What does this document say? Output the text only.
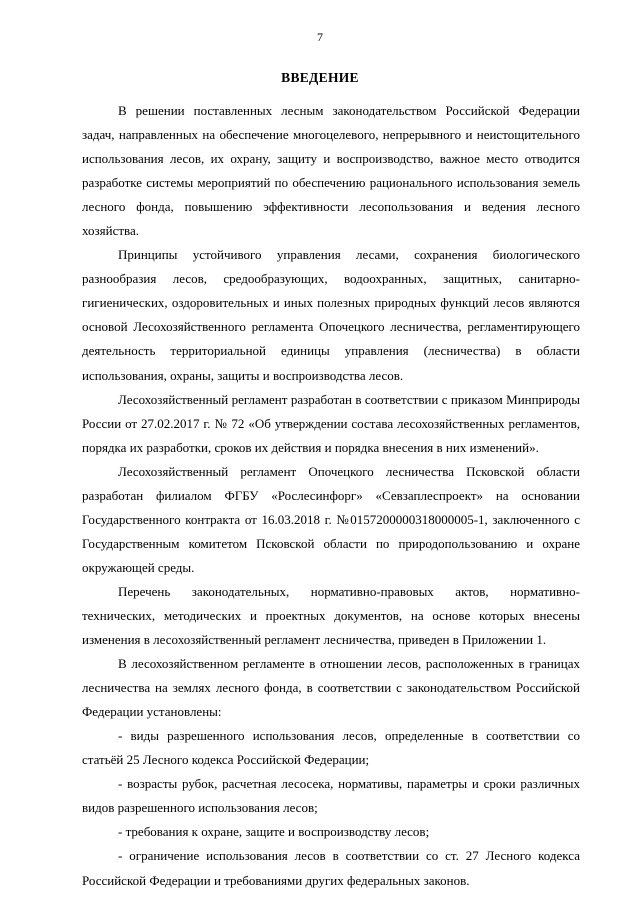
7
ВВЕДЕНИЕ

В решении поставленных лесным законодательством Российской Федерации задач, направленных на обеспечение многоцелевого, непрерывного и неистощительного использования лесов, их охрану, защиту и воспроизводство, важное место отводится разработке системы мероприятий по обеспечению рационального использования земель лесного фонда, повышению эффективности лесопользования и ведения лесного хозяйства.

Принципы устойчивого управления лесами, сохранения биологического разнообразия лесов, средообразующих, водоохранных, защитных, санитарно-гигиенических, оздоровительных и иных полезных природных функций лесов являются основой Лесохозяйственного регламента Опочецкого лесничества, регламентирующего деятельность территориальной единицы управления (лесничества) в области использования, охраны, защиты и воспроизводства лесов.

Лесохозяйственный регламент разработан в соответствии с приказом Минприроды России от 27.02.2017 г. № 72 «Об утверждении состава лесохозяйственных регламентов, порядка их разработки, сроков их действия и порядка внесения в них изменений».

Лесохозяйственный регламент Опочецкого лесничества Псковской области разработан филиалом ФГБУ «Рослесинфорг» «Севзаплеспроект» на основании Государственного контракта от 16.03.2018 г. №0157200000318000005-1, заключенного с Государственным комитетом Псковской области по природопользованию и охране окружающей среды.

Перечень законодательных, нормативно-правовых актов, нормативно-технических, методических и проектных документов, на основе которых внесены изменения в лесохозяйственный регламент лесничества, приведен в Приложении 1.

В лесохозяйственном регламенте в отношении лесов, расположенных в границах лесничества на землях лесного фонда, в соответствии с законодательством Российской Федерации установлены:

- виды разрешенного использования лесов, определенные в соответствии со статьёй 25 Лесного кодекса Российской Федерации;

- возрасты рубок, расчетная лесосека, нормативы, параметры и сроки различных видов разрешенного использования лесов;

- требования к охране, защите и воспроизводству лесов;

- ограничение использования лесов в соответствии со ст. 27 Лесного кодекса Российской Федерации и требованиями других федеральных законов.
